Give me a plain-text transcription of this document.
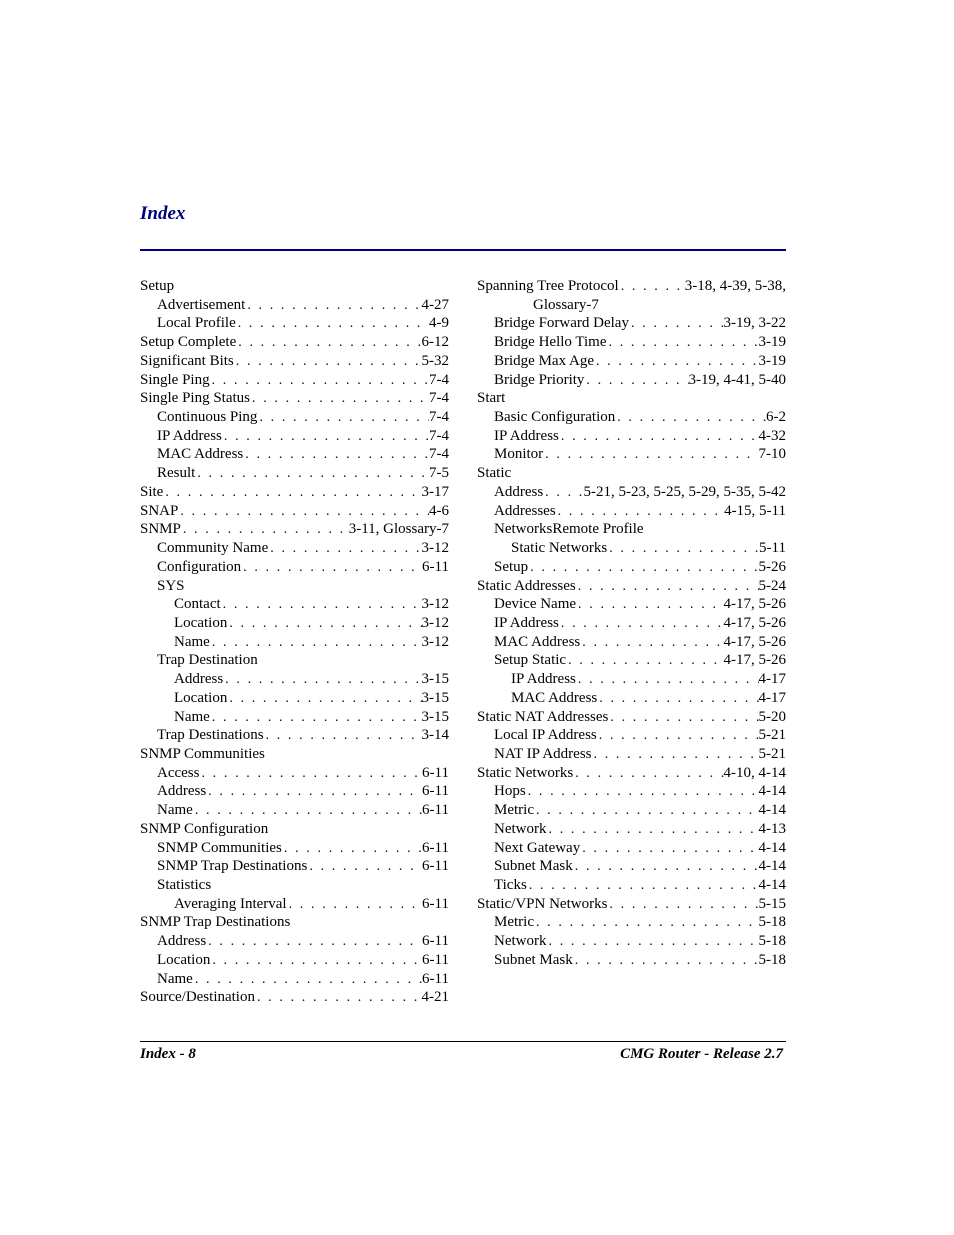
Index
Setup
Advertisement . . .	4-27
Local Profile . . .	4-9
Setup Complete . . .	6-12
Significant Bits . . .	5-32
Single Ping . . .	7-4
Single Ping Status . . .	7-4
Continuous Ping . . .	7-4
IP Address . . .	7-4
MAC Address . . .	7-4
Result . . .	7-5
Site . . .	3-17
SNAP . . .	4-6
SNMP . . .	3-11, Glossary-7
Community Name . . .	3-12
Configuration . . .	6-11
SYS
Contact . . .	3-12
Location . . .	3-12
Name . . .	3-12
Trap Destination
Address . . .	3-15
Location . . .	3-15
Name . . .	3-15
Trap Destinations . . .	3-14
SNMP Communities
Access . . .	6-11
Address . . .	6-11
Name . . .	6-11
SNMP Configuration
SNMP Communities . . .	6-11
SNMP Trap Destinations . . .	6-11
Statistics
Averaging Interval . . .	6-11
SNMP Trap Destinations
Address . . .	6-11
Location . . .	6-11
Name . . .	6-11
Source/Destination . . .	4-21
Spanning Tree Protocol . . .	3-18, 4-39, 5-38,
Glossary-7
Bridge Forward Delay . . .	3-19, 3-22
Bridge Hello Time . . .	3-19
Bridge Max Age . . .	3-19
Bridge Priority . . .	3-19, 4-41, 5-40
Start
Basic Configuration . . .	6-2
IP Address . . .	4-32
Monitor . . .	7-10
Static
Address . . .	5-21, 5-23, 5-25, 5-29, 5-35, 5-42
Addresses . . .	4-15, 5-11
NetworksRemote Profile
Static Networks . . .	5-11
Setup . . .	5-26
Static Addresses . . .	5-24
Device Name . . .	4-17, 5-26
IP Address . . .	4-17, 5-26
MAC Address . . .	4-17, 5-26
Setup Static . . .	4-17, 5-26
IP Address . . .	4-17
MAC Address . . .	4-17
Static NAT Addresses . . .	5-20
Local IP Address . . .	5-21
NAT IP Address . . .	5-21
Static Networks . . .	4-10, 4-14
Hops . . .	4-14
Metric . . .	4-14
Network . . .	4-13
Next Gateway . . .	4-14
Subnet Mask . . .	4-14
Ticks . . .	4-14
Static/VPN Networks . . .	5-15
Metric . . .	5-18
Network . . .	5-18
Subnet Mask . . .	5-18
Index - 8	CMG Router - Release 2.7
